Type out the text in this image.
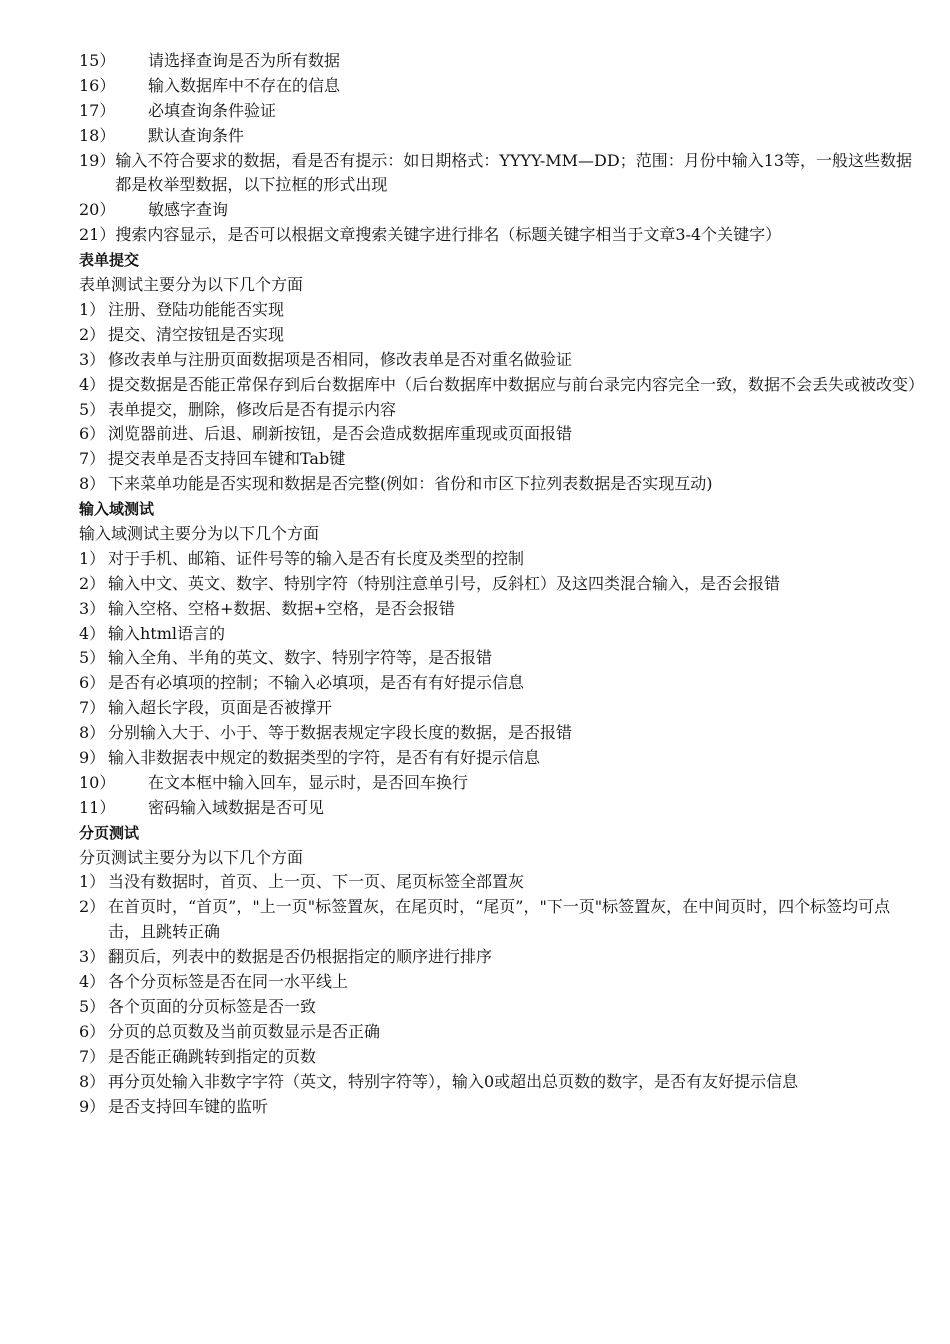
15）	请选择查询是否为所有数据
16）	输入数据库中不存在的信息
17）	必填查询条件验证
18）	默认查询条件
19） 输入不符合要求的数据，看是否有提示：如日期格式：YYYY-MM—DD；范围：月份中输入13等，一般这些数据都是枚举型数据，以下拉框的形式出现
20）	敏感字查询
21） 搜索内容显示，是否可以根据文章搜索关键字进行排名（标题关键字相当于文章3-4个关键字）
表单提交
表单测试主要分为以下几个方面
1） 注册、登陆功能能否实现
2） 提交、清空按钮是否实现
3） 修改表单与注册页面数据项是否相同，修改表单是否对重名做验证
4） 提交数据是否能正常保存到后台数据库中（后台数据库中数据应与前台录完内容完全一致，数据不会丢失或被改变）
5） 表单提交，删除，修改后是否有提示内容
6） 浏览器前进、后退、刷新按钮，是否会造成数据库重现或页面报错
7） 提交表单是否支持回车键和Tab键
8） 下来菜单功能是否实现和数据是否完整(例如：省份和市区下拉列表数据是否实现互动)
输入域测试
输入域测试主要分为以下几个方面
1） 对于手机、邮箱、证件号等的输入是否有长度及类型的控制
2） 输入中文、英文、数字、特别字符（特别注意单引号，反斜杠）及这四类混合输入，是否会报错
3） 输入空格、空格+数据、数据+空格，是否会报错
4） 输入html语言的
5） 输入全角、半角的英文、数字、特别字符等，是否报错
6） 是否有必填项的控制；不输入必填项，是否有有好提示信息
7） 输入超长字段，页面是否被撑开
8） 分别输入大于、小于、等于数据表规定字段长度的数据，是否报错
9） 输入非数据表中规定的数据类型的字符，是否有有好提示信息
10）	在文本框中输入回车，显示时，是否回车换行
11）	密码输入域数据是否可见
分页测试
分页测试主要分为以下几个方面
1） 当没有数据时，首页、上一页、下一页、尾页标签全部置灰
2） 在首页时，“首页”，"上一页"标签置灰，在尾页时，“尾页”，"下一页"标签置灰，在中间页时，四个标签均可点击，且跳转正确
3） 翻页后，列表中的数据是否仍根据指定的顺序进行排序
4） 各个分页标签是否在同一水平线上
5） 各个页面的分页标签是否一致
6） 分页的总页数及当前页数显示是否正确
7） 是否能正确跳转到指定的页数
8） 再分页处输入非数字字符（英文，特别字符等），输入0或超出总页数的数字，是否有友好提示信息
9） 是否支持回车键的监听
